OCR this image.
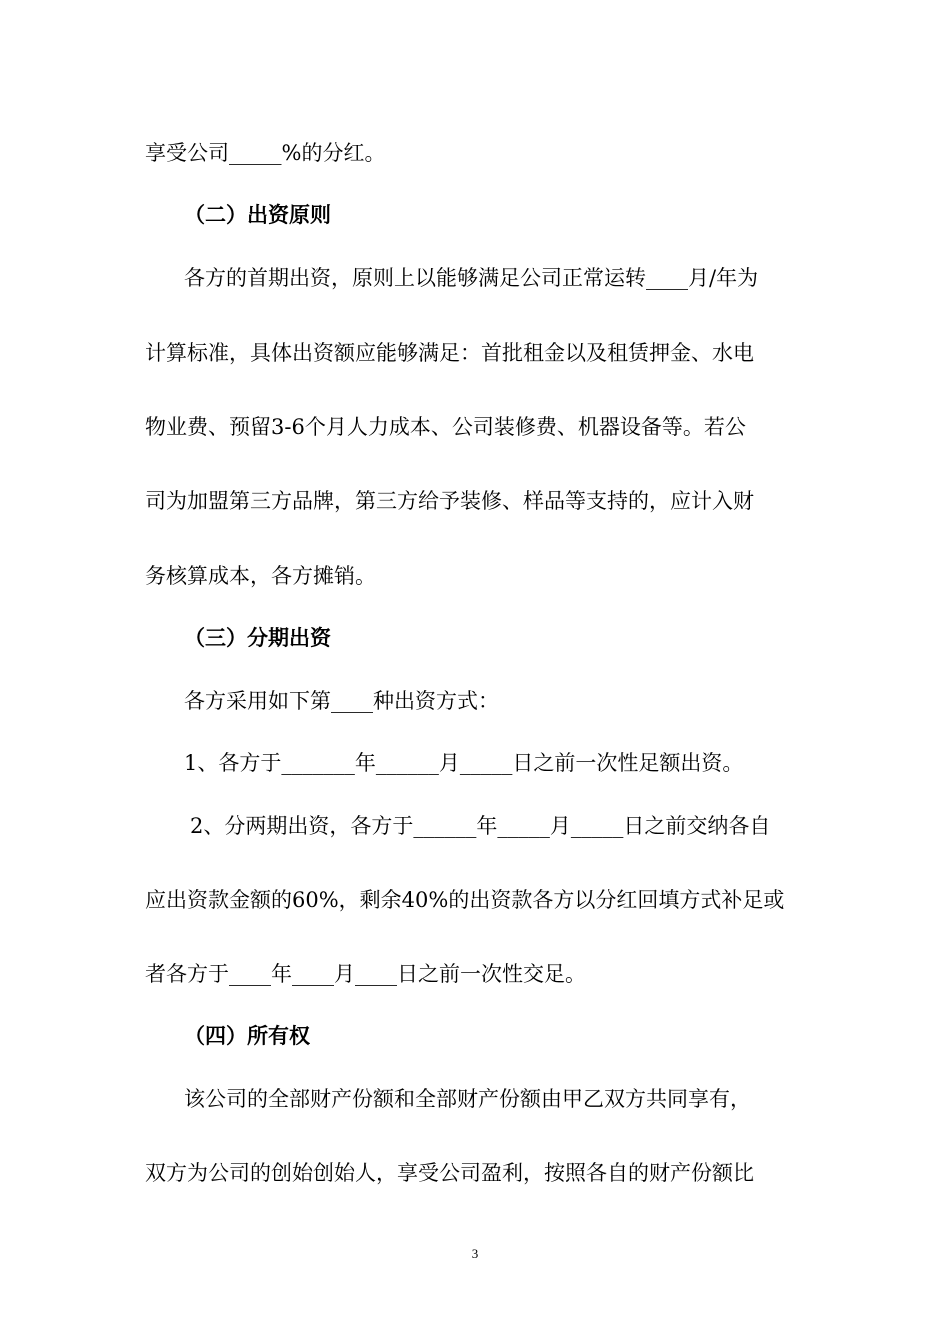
享受公司_____%的分红。
（二）出资原则
各方的首期出资，原则上以能够满足公司正常运转____月/年为
计算标准，具体出资额应能够满足：首批租金以及租赁押金、水电
物业费、预留3-6个月人力成本、公司装修费、机器设备等。若公
司为加盟第三方品牌，第三方给予装修、样品等支持的，应计入财
务核算成本，各方摊销。
（三）分期出资
各方采用如下第____种出资方式：
1、各方于_______年______月_____日之前一次性足额出资。
2、分两期出资，各方于______年_____月_____日之前交纳各自
应出资款金额的60%，剩余40%的出资款各方以分红回填方式补足或
者各方于____年____月____日之前一次性交足。
（四）所有权
该公司的全部财产份额和全部财产份额由甲乙双方共同享有，
双方为公司的创始创始人，享受公司盈利，按照各自的财产份额比
3
